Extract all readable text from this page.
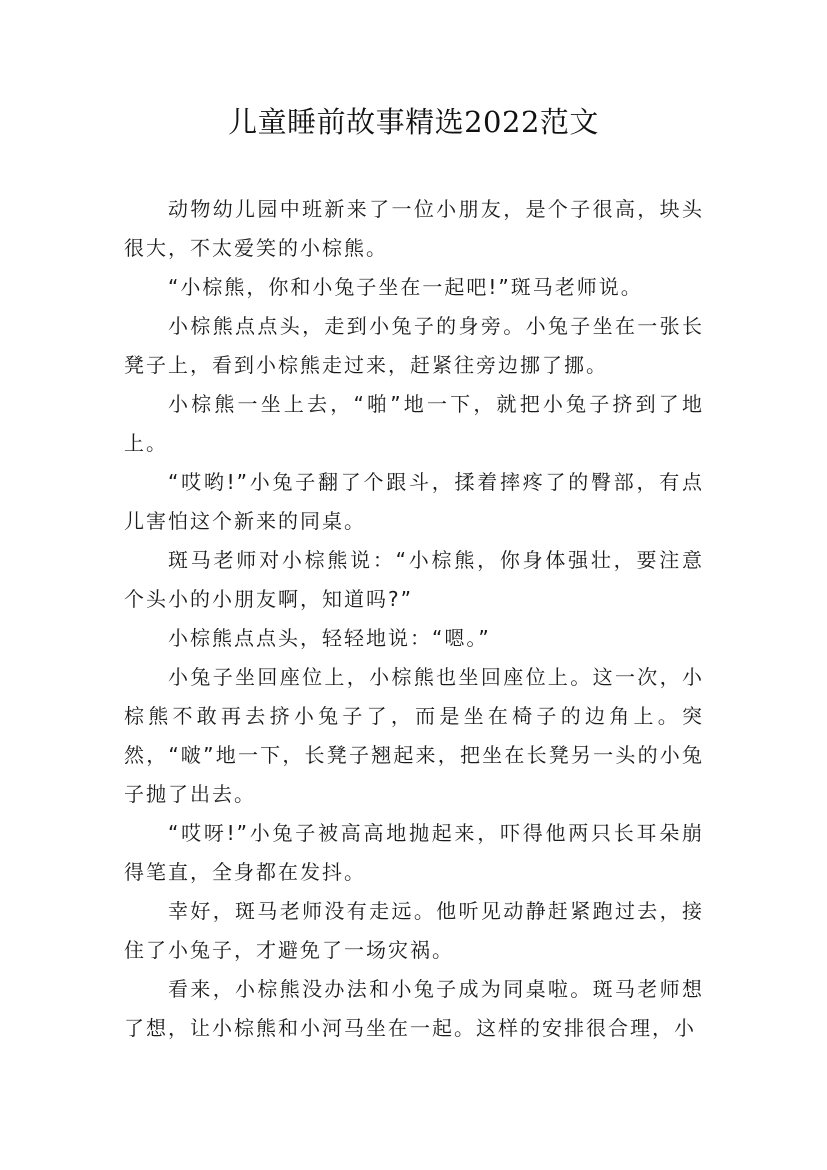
儿童睡前故事精选2022范文

动物幼儿园中班新来了一位小朋友，是个子很高，块头很大，不太爱笑的小棕熊。

“小棕熊，你和小兔子坐在一起吧!”斑马老师说。

小棕熊点点头，走到小兔子的身旁。小兔子坐在一张长凳子上，看到小棕熊走过来，赶紧往旁边挪了挪。

小棕熊一坐上去，“啪”地一下，就把小兔子挤到了地上。

“哎哟!”小兔子翻了个跟斗，揉着摔疼了的臀部，有点儿害怕这个新来的同桌。

斑马老师对小棕熊说：“小棕熊，你身体强壮，要注意个头小的小朋友啊，知道吗?”

小棕熊点点头，轻轻地说：“嗯。”

小兔子坐回座位上，小棕熊也坐回座位上。这一次，小棕熊不敢再去挤小兔子了，而是坐在椅子的边角上。突然，“啵”地一下，长凳子翘起来，把坐在长凳另一头的小兔子抛了出去。

“哎呀!”小兔子被高高地抛起来，吓得他两只长耳朵崩得笔直，全身都在发抖。

幸好，斑马老师没有走远。他听见动静赶紧跑过去，接住了小兔子，才避免了一场灾祸。

看来，小棕熊没办法和小兔子成为同桌啦。斑马老师想了想，让小棕熊和小河马坐在一起。这样的安排很合理，小
